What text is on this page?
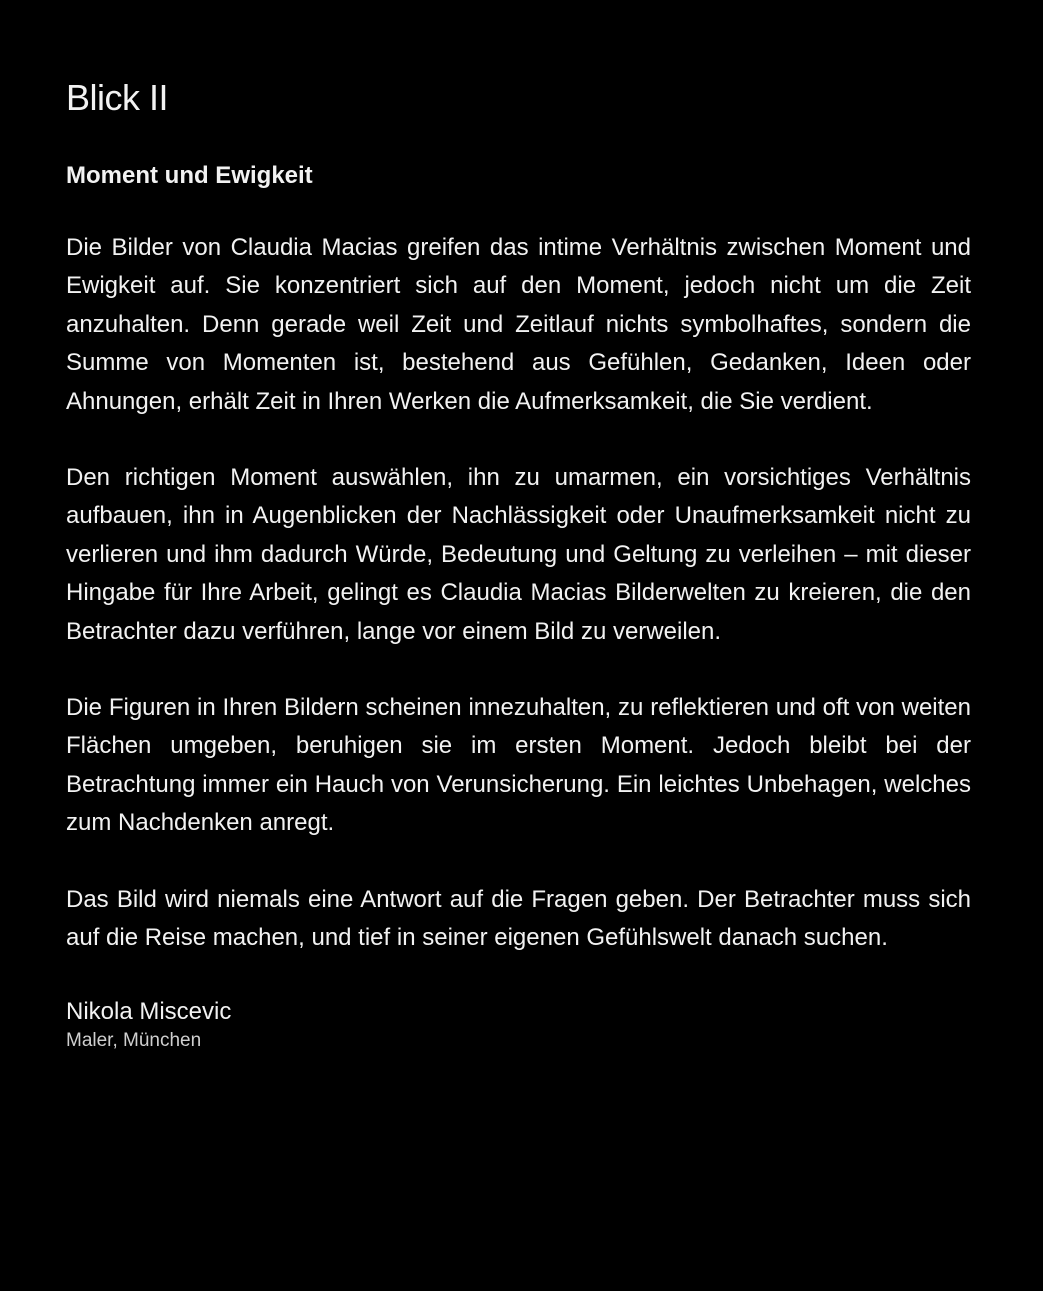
Blick II
Moment und Ewigkeit

Die Bilder von Claudia Macias greifen das intime Verhältnis zwischen Moment und Ewigkeit auf. Sie konzentriert sich auf den Moment, jedoch nicht um die Zeit anzuhalten. Denn gerade weil Zeit und Zeitlauf nichts symbolhaftes, sondern die Summe von Momenten ist, bestehend aus Gefühlen, Gedanken, Ideen oder Ahnungen, erhält Zeit in Ihren Werken die Aufmerksamkeit, die Sie verdient.

Den richtigen Moment auswählen, ihn zu umarmen, ein vorsichtiges Verhältnis aufbauen, ihn in Augenblicken der Nachlässigkeit oder Unaufmerksamkeit nicht zu verlieren und ihm dadurch Würde, Bedeutung und Geltung zu verleihen – mit dieser Hingabe für Ihre Arbeit, gelingt es Claudia Macias Bilderwelten zu kreieren, die den Betrachter dazu verführen, lange vor einem Bild zu verweilen.

Die Figuren in Ihren Bildern scheinen innezuhalten, zu reflektieren und oft von weiten Flächen umgeben, beruhigen sie im ersten Moment. Jedoch bleibt bei der Betrachtung immer ein Hauch von Verunsicherung. Ein leichtes Unbehagen, welches zum Nachdenken anregt.

Das Bild wird niemals eine Antwort auf die Fragen geben. Der Betrachter muss sich auf die Reise machen, und tief in seiner eigenen Gefühlswelt danach suchen.

Nikola Miscevic

Maler, München
